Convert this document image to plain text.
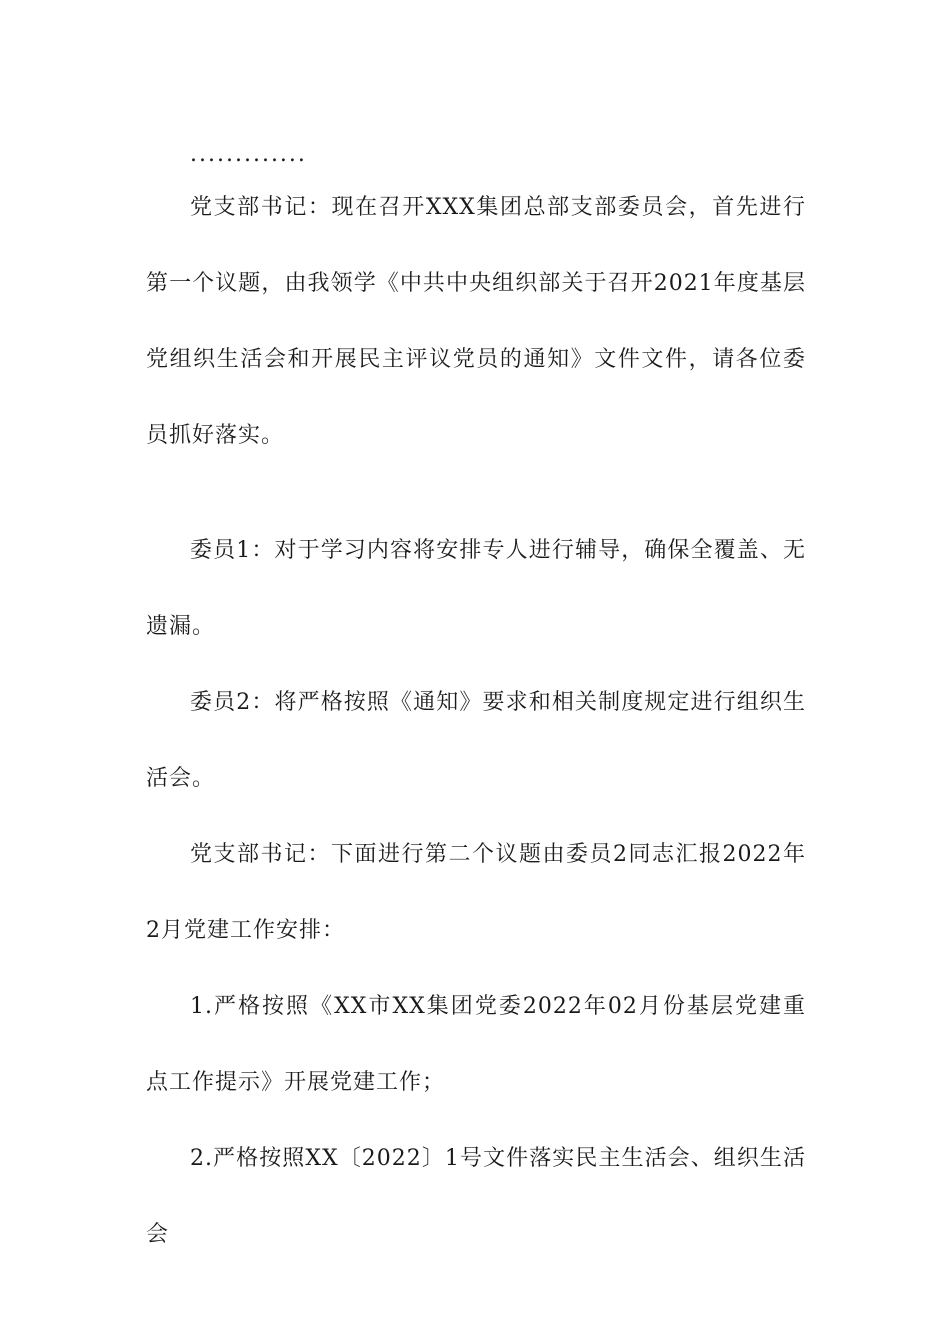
.............

党支部书记：现在召开XXX集团总部支部委员会，首先进行第一个议题，由我领学《中共中央组织部关于召开2021年度基层党组织生活会和开展民主评议党员的通知》文件文件，请各位委员抓好落实。

委员1：对于学习内容将安排专人进行辅导，确保全覆盖、无遗漏。

委员2：将严格按照《通知》要求和相关制度规定进行组织生活会。

党支部书记：下面进行第二个议题由委员2同志汇报2022年2月党建工作安排：

1.严格按照《XX市XX集团党委2022年02月份基层党建重点工作提示》开展党建工作；

2.严格按照XX〔2022〕1号文件落实民主生活会、组织生活会
